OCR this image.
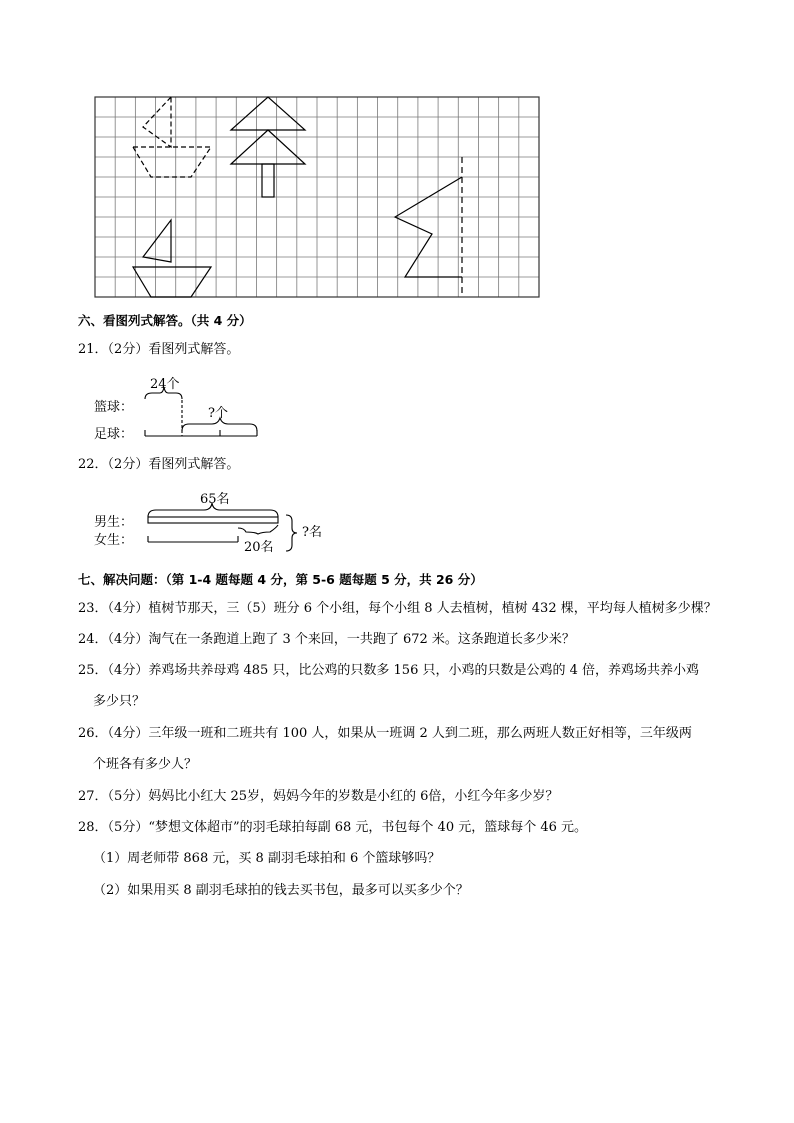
六、看图列式解答。（共 4 分）
21．（2分）看图列式解答。
篮球：
足球：
24个
?个
22．（2分）看图列式解答。
男生：
女生：
65名
20名
?名
七、解决问题：（第 1-4 题每题 4 分，第 5-6 题每题 5 分，共 26 分）
23．（4分）植树节那天，三（5）班分 6 个小组，每个小组 8 人去植树，植树 432 棵，平均每人植树多少棵？
24．（4分）淘气在一条跑道上跑了 3 个来回，一共跑了 672 米。这条跑道长多少米？
25．（4分）养鸡场共养母鸡 485 只，比公鸡的只数多 156 只，小鸡的只数是公鸡的 4 倍，养鸡场共养小鸡
多少只？
26．（4分）三年级一班和二班共有 100 人，如果从一班调 2 人到二班，那么两班人数正好相等，三年级两
个班各有多少人？
27．（5分）妈妈比小红大 25岁，妈妈今年的岁数是小红的 6倍，小红今年多少岁？
28．（5分）“梦想文体超市”的羽毛球拍每副 68 元，书包每个 40 元，篮球每个 46 元。
（1）周老师带 868 元，买 8 副羽毛球拍和 6 个篮球够吗？
（2）如果用买 8 副羽毛球拍的钱去买书包，最多可以买多少个？
